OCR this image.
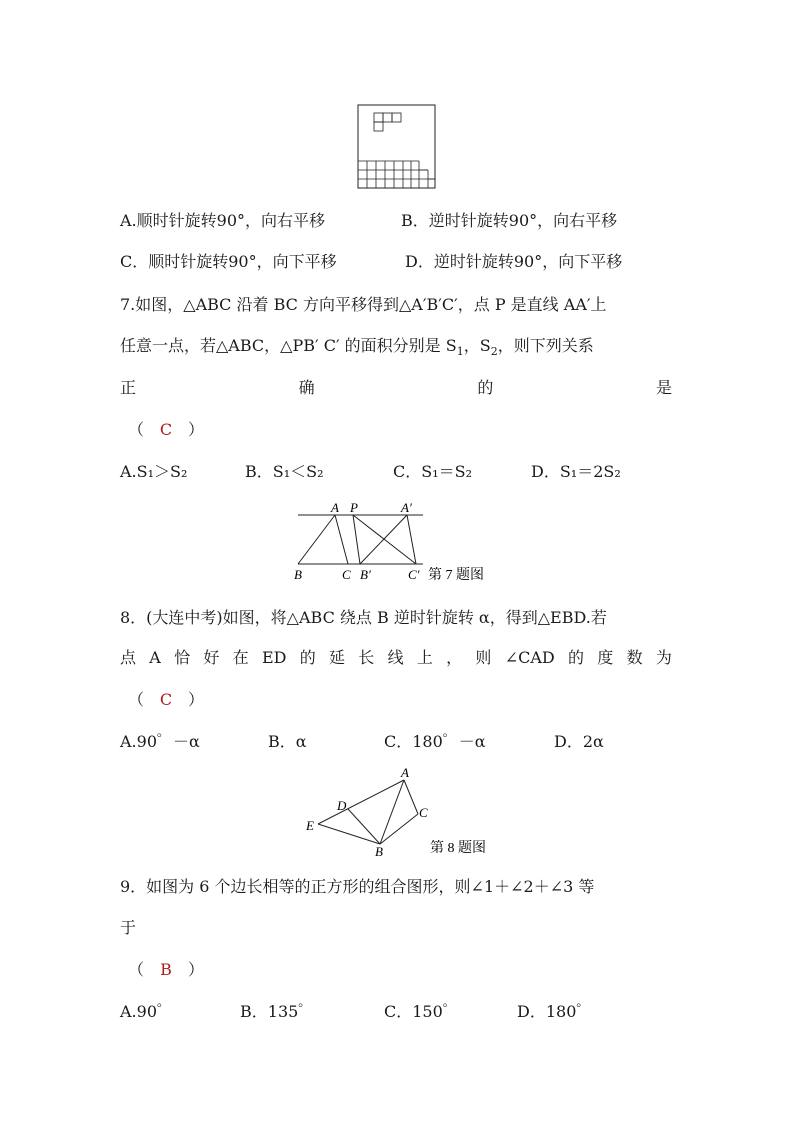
A.顺时针旋转90°，向右平移	B．逆时针旋转90°，向右平移
C．顺时针旋转90°，向下平移	D．逆时针旋转90°，向下平移
7.如图，△ABC 沿着 BC 方向平移得到△A′B′C′，点 P 是直线 AA′上
任意一点，若△ABC，△PB′ C′ 的面积分别是 $S_1$，$S_2$，则下列关系
正	确	的	是
（ C ）
A.S₁＞S₂	B．S₁＜S₂	C．S₁＝S₂	D．S₁＝2S₂
A P	A′
B	C B′	C′ 第 7 题图
8．(大连中考)如图，将△ABC 绕点 B 逆时针旋转 α，得到△EBD.若
点 A 恰 好 在 ED 的 延 长 线 上 ， 则 ∠CAD 的 度 数 为
（ C ）
A.90゜－α	B．α	C．180゜－α	D．2α
A
C
D
E
B	第 8 题图
9．如图为 6 个边长相等的正方形的组合图形，则∠1＋∠2＋∠3 等
于
（ B ）
A.90゜	B．135゜	C．150゜	D．180゜
